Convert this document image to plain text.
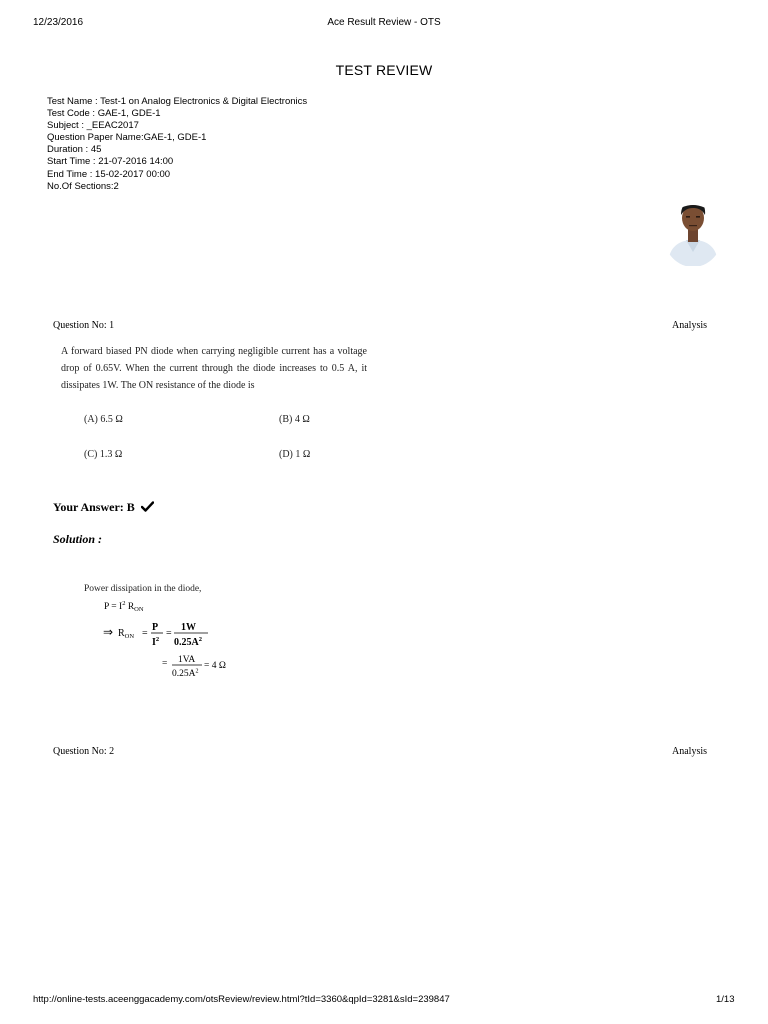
12/23/2016	Ace Result Review - OTS
TEST REVIEW
Test Name : Test-1 on Analog Electronics & Digital Electronics
Test Code : GAE-1, GDE-1
Subject : _EEAC2017
Question Paper Name:GAE-1, GDE-1
Duration : 45
Start Time : 21-07-2016 14:00
End Time : 15-02-2017 00:00
No.Of Sections:2
Question No: 1	Analysis
A forward biased PN diode when carrying negligible current has a voltage drop of 0.65V. When the current through the diode increases to 0.5 A, it dissipates 1W. The ON resistance of the diode is
(A) 6.5 Ω	(B) 4 Ω
(C) 1.3 Ω	(D) 1 Ω
Your Answer: B
Solution :
Power dissipation in the diode,
$P = I^2$ $R_{ON}$
⇒ $R_{ON}$ =
P
$I^2$
=
1W
$0.25A^2$
= 1VA
$0.25A^2$
= 4 Ω
Question No: 2	Analysis
http://online-tests.aceenggacademy.com/otsReview/review.html?tId=3360&qpId=3281&sId=239847	1/13
